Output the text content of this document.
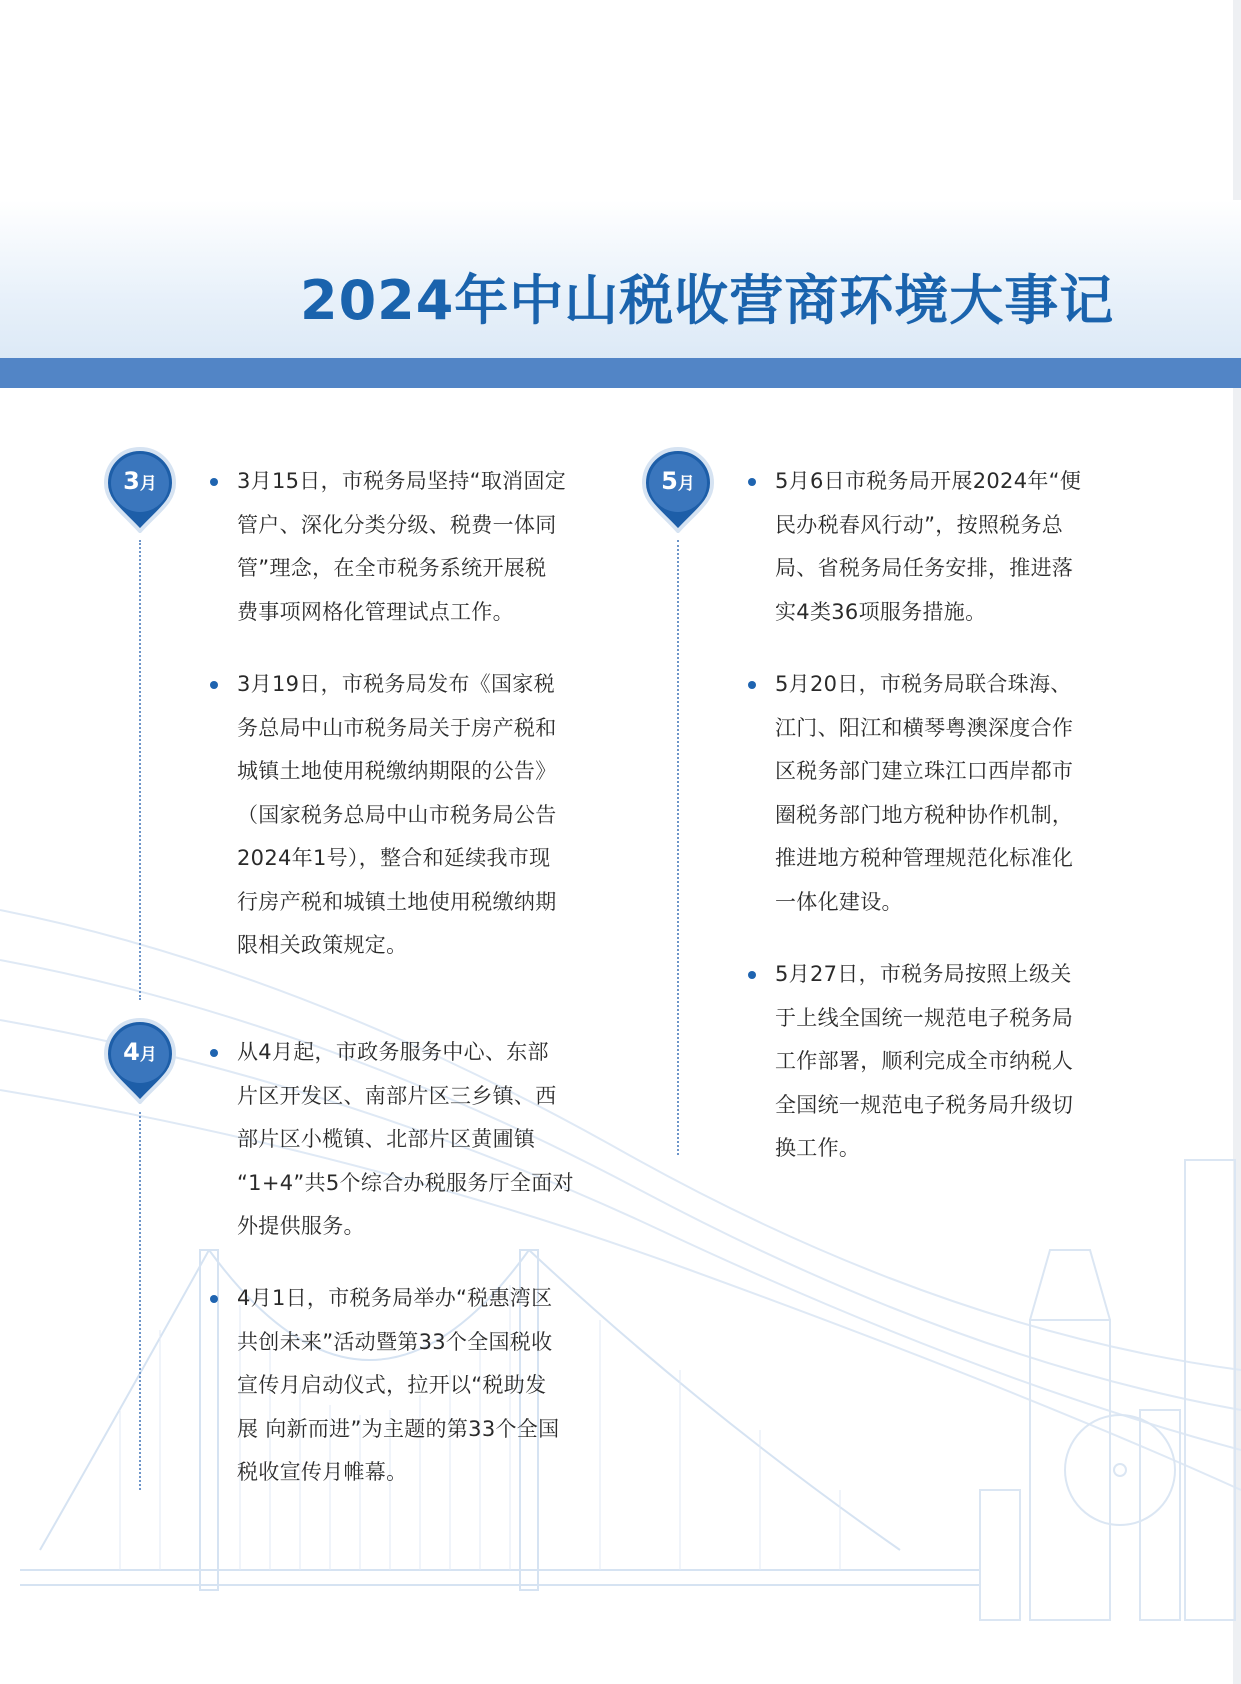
2024年中山税收营商环境大事记
3月	3月15日，市税务局坚持“取消固定

管户、深化分类分级、税费一体同

管”理念，在全市税务系统开展税

费事项网格化管理试点工作。

3月19日，市税务局发布《国家税

务总局中山市税务局关于房产税和

城镇土地使用税缴纳期限的公告》

（国家税务总局中山市税务局公告

2024年1号），整合和延续我市现

行房产税和城镇土地使用税缴纳期

限相关政策规定。

4月	从4月起，市政务服务中心、东部

片区开发区、南部片区三乡镇、西

部片区小榄镇、北部片区黄圃镇

“1+4”共5个综合办税服务厅全面对

外提供服务。

4月1日，市税务局举办“税惠湾区

共创未来”活动暨第33个全国税收

宣传月启动仪式，拉开以“税助发

展 向新而进”为主题的第33个全国

税收宣传月帷幕。

5月	5月6日市税务局开展2024年“便

民办税春风行动”，按照税务总

局、省税务局任务安排，推进落

实4类36项服务措施。

5月20日，市税务局联合珠海、

江门、阳江和横琴粤澳深度合作

区税务部门建立珠江口西岸都市

圈税务部门地方税种协作机制，

推进地方税种管理规范化标准化

一体化建设。

5月27日，市税务局按照上级关

于上线全国统一规范电子税务局

工作部署，顺利完成全市纳税人

全国统一规范电子税务局升级切

换工作。
